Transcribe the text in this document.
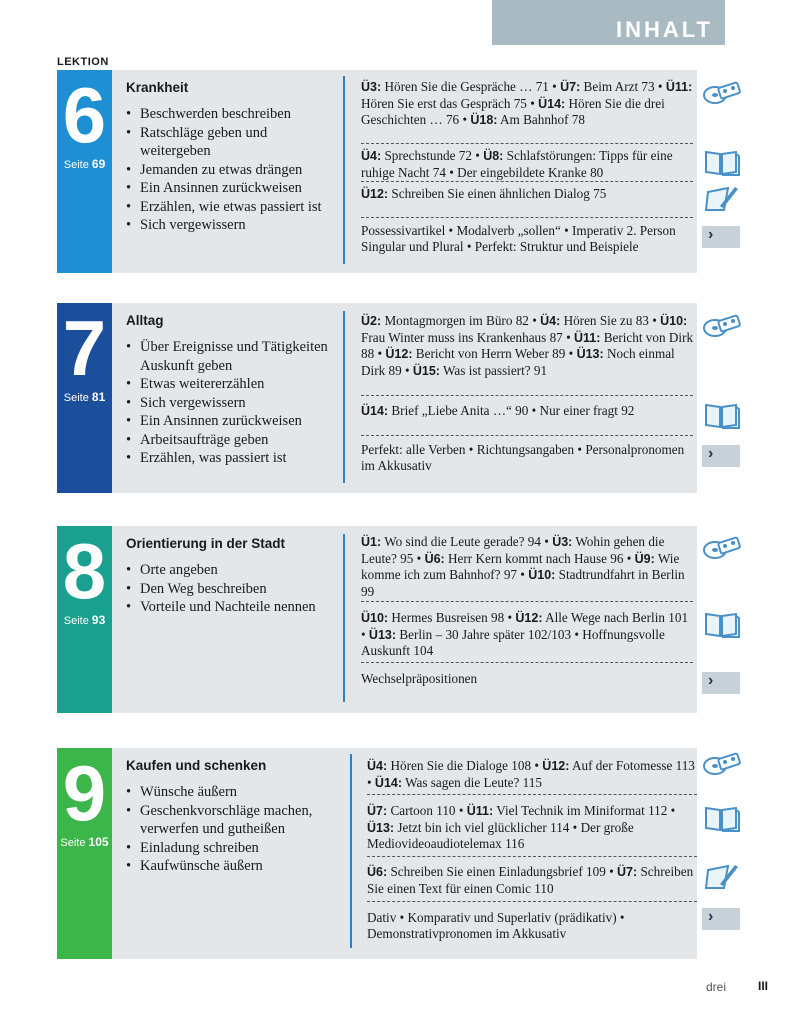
INHALT
LEKTION
6
Seite 69
Krankheit
• Beschwerden beschreiben
• Ratschläge geben und weitergeben
• Jemanden zu etwas drängen
• Ein Ansinnen zurückweisen
• Erzählen, wie etwas passiert ist
• Sich vergewissern
Ü3: Hören Sie die Gespräche … 71 • Ü7: Beim Arzt 73 • Ü11: Hören Sie erst das Gespräch 75 • Ü14: Hören Sie die drei Geschichten … 76 • Ü18: Am Bahnhof 78
Ü4: Sprechstunde 72 • Ü8: Schlafstörungen: Tipps für eine ruhige Nacht 74 • Der eingebildete Kranke 80
Ü12: Schreiben Sie einen ähnlichen Dialog 75
Possessivartikel • Modalverb „sollen“ • Imperativ 2. Person Singular und Plural • Perfekt: Struktur und Beispiele
›
7
Seite 81
Alltag
• Über Ereignisse und Tätigkeiten Auskunft geben
• Etwas weitererzählen
• Sich vergewissern
• Ein Ansinnen zurückweisen
• Arbeitsaufträge geben
• Erzählen, was passiert ist
Ü2: Montagmorgen im Büro 82 • Ü4: Hören Sie zu 83 • Ü10: Frau Winter muss ins Krankenhaus 87 • Ü11: Bericht von Dirk 88 • Ü12: Bericht von Herrn Weber 89 • Ü13: Noch einmal Dirk 89 • Ü15: Was ist passiert? 91
Ü14: Brief „Liebe Anita …“ 90 • Nur einer fragt 92
Perfekt: alle Verben • Richtungsangaben • Personalpronomen im Akkusativ
›
8
Seite 93
Orientierung in der Stadt
• Orte angeben
• Den Weg beschreiben
• Vorteile und Nachteile nennen
Ü1: Wo sind die Leute gerade? 94 • Ü3: Wohin gehen die Leute? 95 • Ü6: Herr Kern kommt nach Hause 96 • Ü9: Wie komme ich zum Bahnhof? 97 • Ü10: Stadtrundfahrt in Berlin 99
Ü10: Hermes Busreisen 98 • Ü12: Alle Wege nach Berlin 101 • Ü13: Berlin – 30 Jahre später 102/103 • Hoffnungsvolle Auskunft 104
Wechselpräpositionen	›
9
Seite 105
Kaufen und schenken
• Wünsche äußern
• Geschenkvorschläge machen, verwerfen und gutheißen
• Einladung schreiben
• Kaufwünsche äußern
Ü4: Hören Sie die Dialoge 108 • Ü12: Auf der Fotomesse 113 • Ü14: Was sagen die Leute? 115
Ü7: Cartoon 110 • Ü11: Viel Technik im Miniformat 112 • Ü13: Jetzt bin ich viel glücklicher 114 • Der große Mediovideoaudiotelemax 116
Ü6: Schreiben Sie einen Einladungsbrief 109 • Ü7: Schreiben Sie einen Text für einen Comic 110
Dativ • Komparativ und Superlativ (prädikativ) • Demonstrativpronomen im Akkusativ
›
drei	III
